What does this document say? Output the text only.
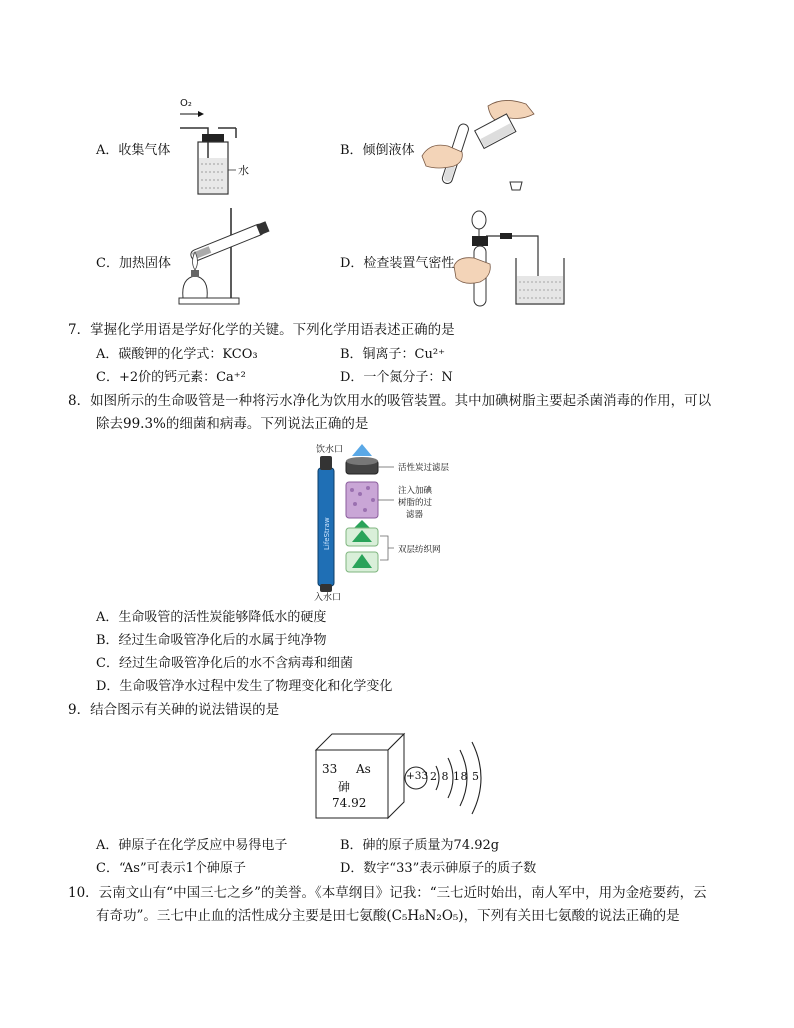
A．收集气体	B．倾倒液体
C．加热固体	D．检查装置气密性
O₂
水
7．掌握化学用语是学好化学的关键。下列化学用语表述正确的是
A．碳酸钾的化学式：KCO₃	B．铜离子：Cu²⁺
C．+2价的钙元素：Ca⁺²	D．一个氮分子：N
8．如图所示的生命吸管是一种将污水净化为饮用水的吸管装置。其中加碘树脂主要起杀菌消毒的作用，可以
除去99.3%的细菌和病毒。下列说法正确的是
LifeStraw
饮水口
入水口
活性炭过滤层
注入加碘
树脂的过
滤器
双层纺织网
A．生命吸管的活性炭能够降低水的硬度
B．经过生命吸管净化后的水属于纯净物
C．经过生命吸管净化后的水不含病毒和细菌
D．生命吸管净水过程中发生了物理变化和化学变化
9．结合图示有关砷的说法错误的是
33 As
砷
74.92
+33 2 8 18 5
A．砷原子在化学反应中易得电子	B．砷的原子质量为74.92g
C．“As”可表示1个砷原子	D．数字“33”表示砷原子的质子数
10．云南文山有“中国三七之乡”的美誉。《本草纲目》记我：“三七近时始出，南人军中，用为金疮要药，云
有奇功”。三七中止血的活性成分主要是田七氨酸(C₅H₈N₂O₅)，下列有关田七氨酸的说法正确的是
